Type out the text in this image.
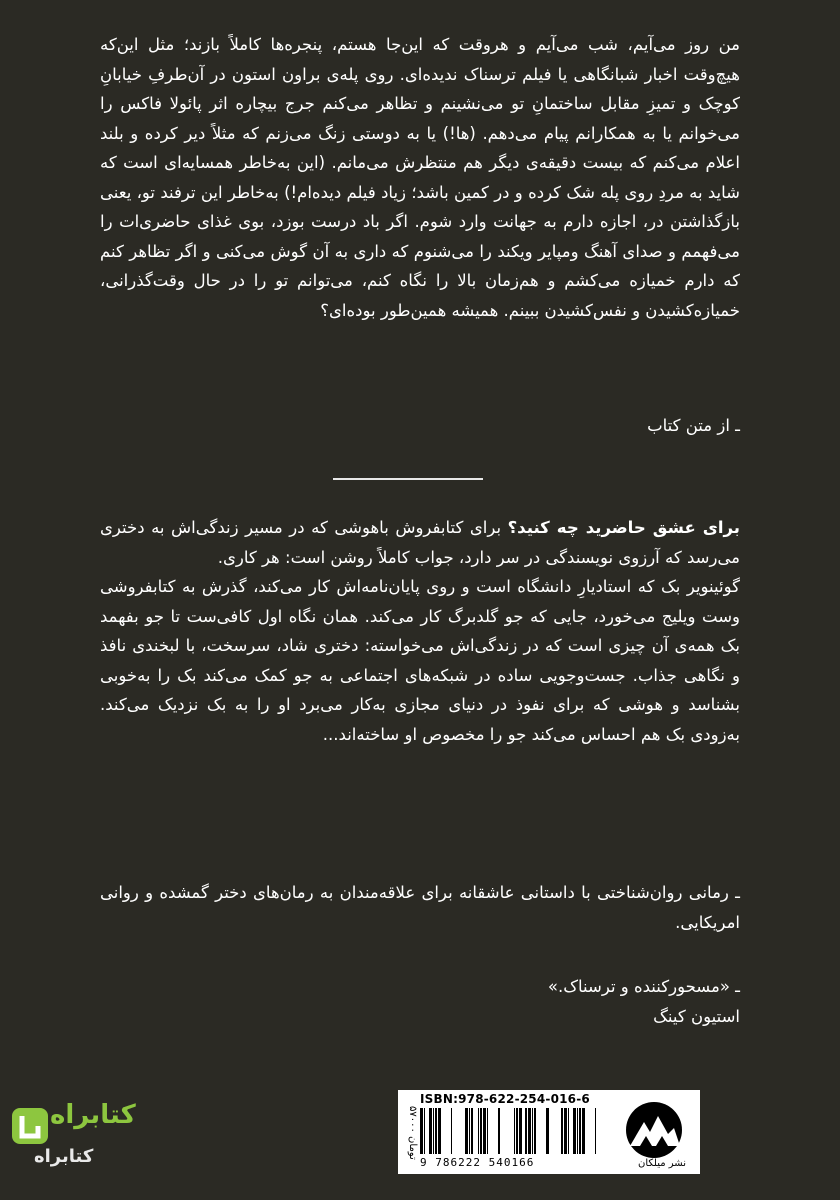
من روز می‌آیم، شب می‌آیم و هروقت که این‌جا هستم، پنجره‌ها کاملاً بازند؛ مثل این‌که هیچ‌وقت اخبار شبانگاهی یا فیلم ترسناک ندیده‌ای. روی پله‌ی براون استون در آن‌طرفِ خیابانِ کوچک و تمیزِ مقابل ساختمانِ تو می‌نشینم و تظاهر می‌کنم جرج بیچاره اثر پائولا فاکس را می‌خوانم یا به همکارانم پیام می‌دهم. (ها!) یا به دوستی زنگ می‌زنم که مثلاً دیر کرده و بلند اعلام می‌کنم که بیست دقیقه‌ی دیگر هم منتظرش می‌مانم. (این به‌خاطر همسایه‌ای است که شاید به مردِ روی پله شک کرده و در کمین باشد؛ زیاد فیلم دیده‌ام!) به‌خاطر این ترفند تو، یعنی بازگذاشتن در، اجازه دارم به جهانت وارد شوم. اگر باد درست بوزد، بوی غذای حاضری‌ات را می‌فهمم و صدای آهنگ ومپایر ویکند را می‌شنوم که داری به آن گوش می‌کنی و اگر تظاهر کنم که دارم خمیازه می‌کشم و هم‌زمان بالا را نگاه کنم، می‌توانم تو را در حال وقت‌گذرانی، خمیازه‌کشیدن و نفس‌کشیدن ببینم. همیشه همین‌طور بوده‌ای؟

ـ از متن کتاب

برای عشق حاضرید چه کنید؟ برای کتابفروش باهوشی که در مسیر زندگی‌اش به دختری می‌رسد که آرزوی نویسندگی در سر دارد، جواب کاملاً روشن است: هر کاری.

گوئینویر بک که استادیارِ دانشگاه است و روی پایان‌نامه‌اش کار می‌کند، گذرش به کتابفروشی وست ویلیج می‌خورد، جایی که جو گلدبرگ کار می‌کند. همان نگاه اول کافی‌ست تا جو بفهمد بک همه‌ی آن چیزی است که در زندگی‌اش می‌خواسته: دختری شاد، سرسخت، با لبخندی نافذ و نگاهی جذاب. جست‌وجویی ساده در شبکه‌های اجتماعی به جو کمک می‌کند بک را به‌خوبی بشناسد و هوشی که برای نفوذ در دنیای مجازی به‌کار می‌برد او را به بک نزدیک می‌کند. به‌زودی بک هم احساس می‌کند جو را مخصوص او ساخته‌اند...

ـ رمانی روان‌شناختی با داستانی عاشقانه برای علاقه‌مندان به رمان‌های دختر گمشده و روانی امریکایی.

ـ «مسحورکننده و ترسناک.»
استیون کینگ
۵۷۰۰۰ تومان
ISBN:978-622-254-016-6
9 786222 540166	نشر میلکان
کتابراه
کتابراه
